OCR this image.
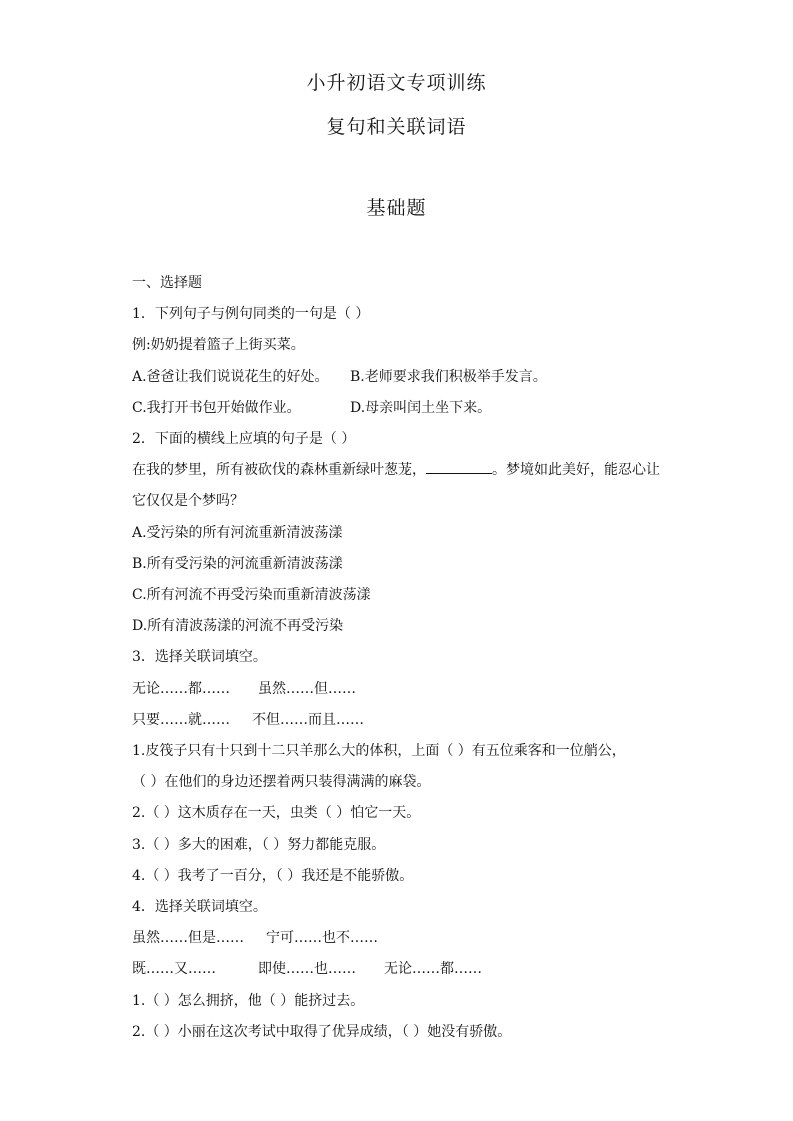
小升初语文专项训练
复句和关联词语
基础题
一、选择题
1．下列句子与例句同类的一句是（ ）
例:奶奶提着篮子上街买菜。
A.爸爸让我们说说花生的好处。 B.老师要求我们积极举手发言。
C.我打开书包开始做作业。	D.母亲叫闰土坐下来。
2．下面的横线上应填的句子是（ ）
在我的梦里，所有被砍伐的森林重新绿叶葱茏，	。梦境如此美好，能忍心让
它仅仅是个梦吗？
A.受污染的所有河流重新清波荡漾
B.所有受污染的河流重新清波荡漾
C.所有河流不再受污染而重新清波荡漾
D.所有清波荡漾的河流不再受污染
3．选择关联词填空。
无论……都…… 虽然……但……
只要……就…… 不但……而且……
1.皮筏子只有十只到十二只羊那么大的体积，上面（ ）有五位乘客和一位艄公，
（ ）在他们的身边还摆着两只装得满满的麻袋。
2.（ ）这木质存在一天，虫类（ ）怕它一天。
3.（ ）多大的困难，（ ）努力都能克服。
4.（ ）我考了一百分，（ ）我还是不能骄傲。
4．选择关联词填空。
虽然……但是…… 宁可……也不……
既……又……	即使……也…… 无论……都……
1.（ ）怎么拥挤，他（ ）能挤过去。
2.（ ）小丽在这次考试中取得了优异成绩，（ ）她没有骄傲。
